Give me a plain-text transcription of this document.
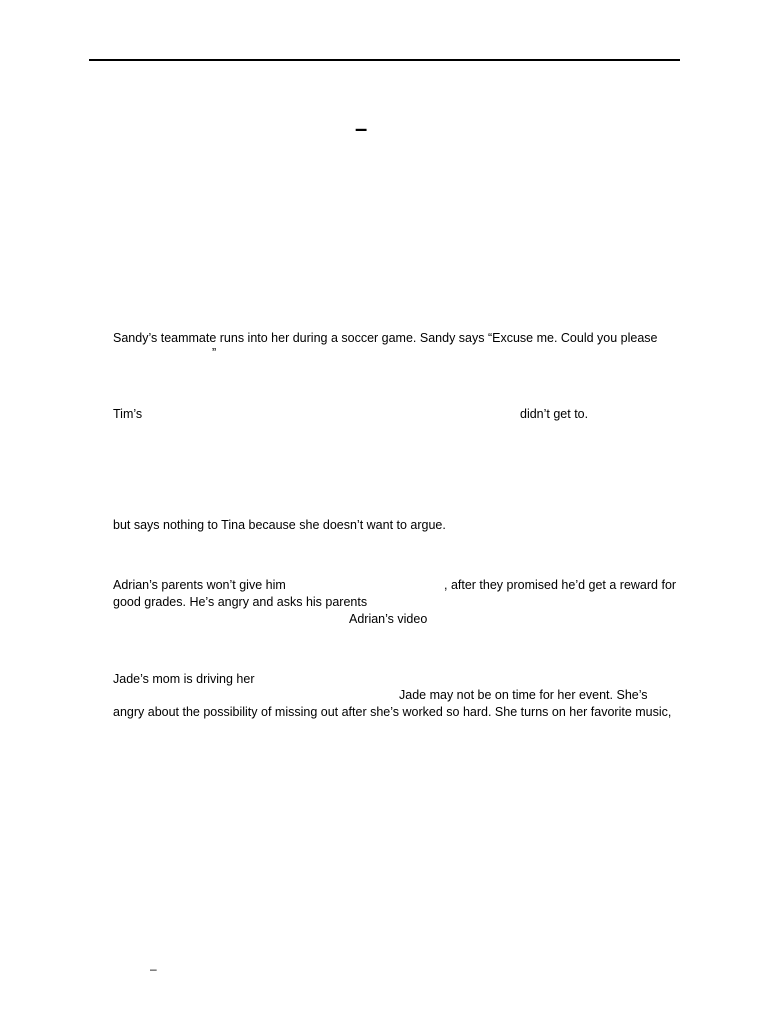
–
Sandy’s teammate runs into her during a soccer game. Sandy says “Excuse me. Could you please
”
Tim’s	didn’t get to.
but says nothing to Tina because she doesn’t want to argue.
Adrian’s parents won’t give him	, after they promised he’d get a reward for
good grades. He’s angry and asks his parents
Adrian’s video
Jade’s mom is driving her
Jade may not be on time for her event. She’s
angry about the possibility of missing out after she’s worked so hard. She turns on her favorite music,
–
